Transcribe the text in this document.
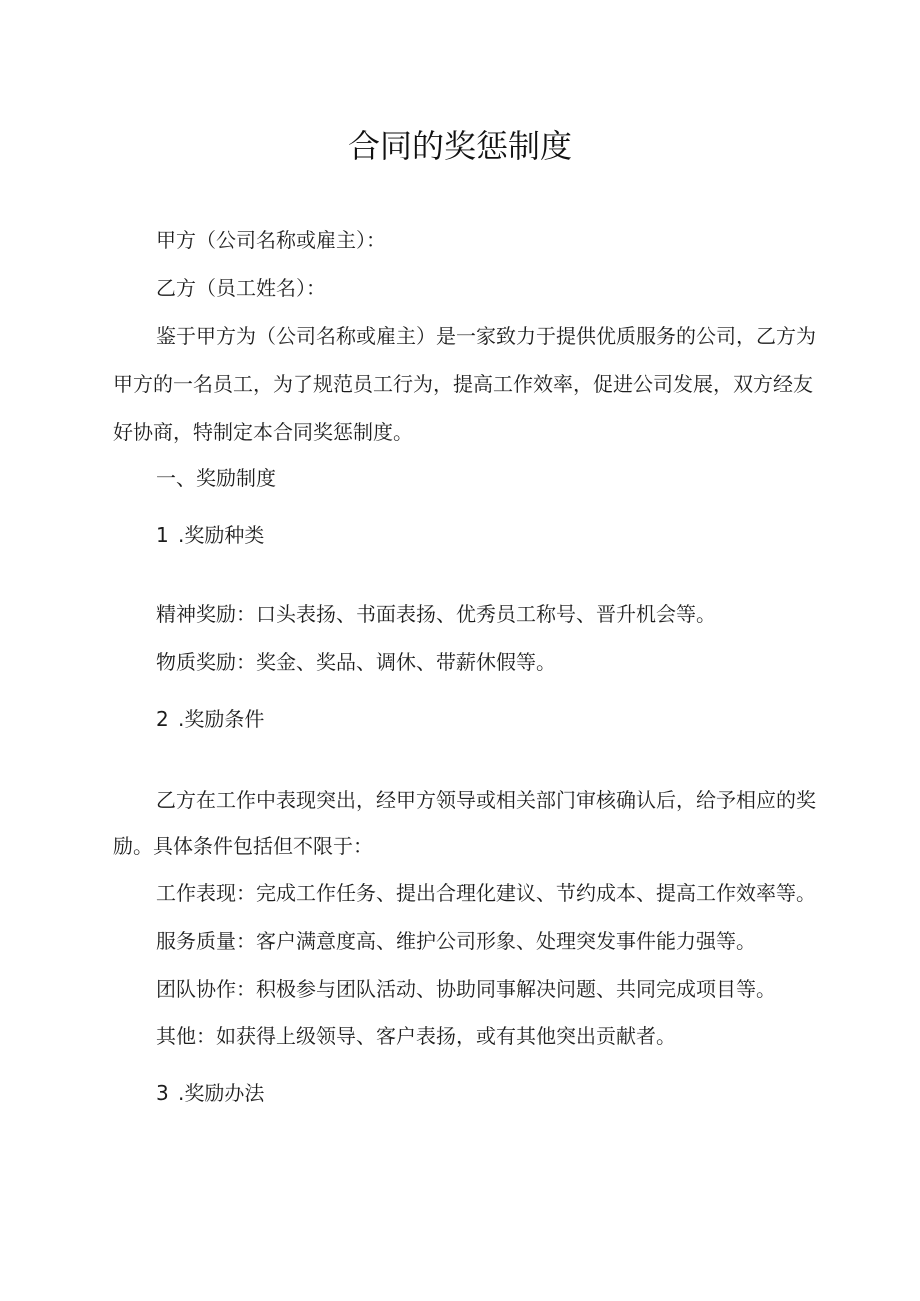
合同的奖惩制度
甲方（公司名称或雇主）：
乙方（员工姓名）：
鉴于甲方为（公司名称或雇主）是一家致力于提供优质服务的公司，乙方为
甲方的一名员工，为了规范员工行为，提高工作效率，促进公司发展，双方经友
好协商，特制定本合同奖惩制度。
一、奖励制度
1 .奖励种类
精神奖励：口头表扬、书面表扬、优秀员工称号、晋升机会等。
物质奖励：奖金、奖品、调休、带薪休假等。
2 .奖励条件
乙方在工作中表现突出，经甲方领导或相关部门审核确认后，给予相应的奖
励。具体条件包括但不限于：
工作表现：完成工作任务、提出合理化建议、节约成本、提高工作效率等。
服务质量：客户满意度高、维护公司形象、处理突发事件能力强等。
团队协作：积极参与团队活动、协助同事解决问题、共同完成项目等。
其他：如获得上级领导、客户表扬，或有其他突出贡献者。
3 .奖励办法
